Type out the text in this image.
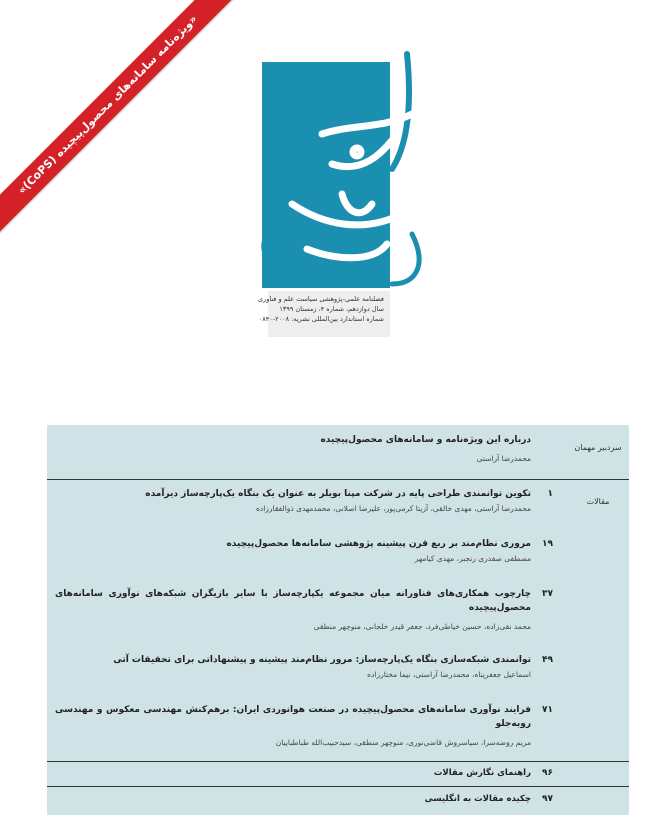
«ویژه‌نامه سامانه‌های محصول‌پیچیده (CoPS)»
فصلنامه علمی-پژوهشی سیاست علم و فناوری
سال دوازدهم، شماره ۴، زمستان ۱۳۹۹
شماره استاندارد بین‌المللی نشریه: ۲۰۰۸-۰۸۴۰
سردبیر مهمان
مقالات
درباره این ویژه‌نامه و سامانه‌های محصول‌پیچیده
محمدرضا آراستی
۱
تکوین توانمندی طراحی پایه در شرکت مپنا بویلر به عنوان یک بنگاه یک‌پارچه‌ساز دیرآمده
محمدرضا آراستی، مهدی خالقی، آزیتا کرمی‌پور، علیرضا اصلانی، محمدمهدی ذوالفقارزاده
۱۹
مروری نظام‌مند بر ربع قرن پیشینه پژوهشی سامانه‌ها محصول‌پیچیده
مصطفی صفدری رنجبر، مهدی کیامهر
۳۷
چارچوب همکاری‌های فناورانه میان مجموعه یکپارچه‌ساز با سایر بازیگران شبکه‌های نوآوری سامانه‌های محصول‌پیچیده
محمد نقی‌زاده، حسین خیاطی‌فرد، جعفر قیدر خلجانی، منوچهر منطقی
۴۹
توانمندی شبکه‌سازی بنگاه یک‌پارچه‌ساز: مرور نظام‌مند پیشینه و پیشنهاداتی برای تحقیقات آتی
اسماعیل جعفرپناه، محمدرضا آراستی، نیما مختارزاده
۷۱
فرایند نوآوری سامانه‌های محصول‌پیچیده در صنعت هوانوردی ایران: برهم‌کنش مهندسی معکوس و مهندسی روبه‌جلو
مریم روضه‌سرا، سیاسروش قاضی‌نوری، منوچهر منطقی، سیدحبیب‌الله طباطباییان
۹۶
راهنمای نگارش مقالات
۹۷
چکیده مقالات به انگلیسی
